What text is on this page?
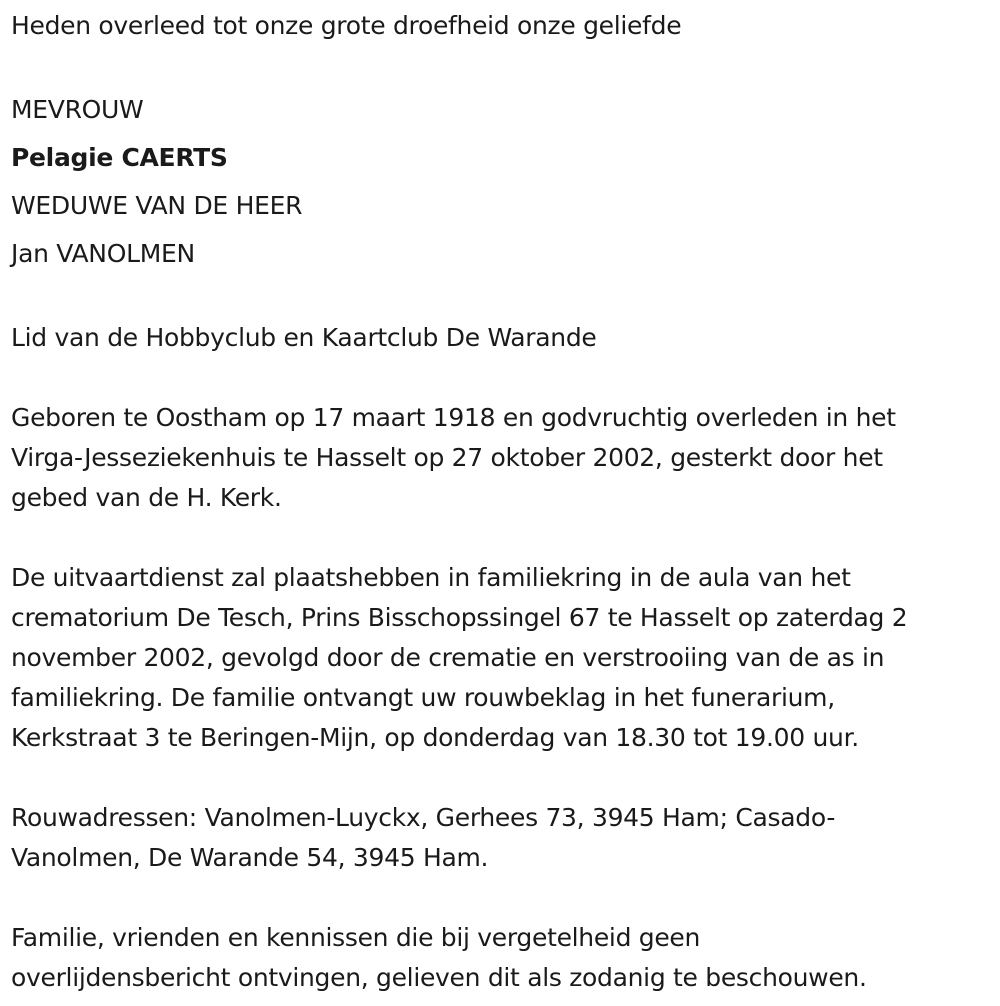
Heden overleed tot onze grote droefheid onze geliefde

MEVROUW

Pelagie CAERTS

WEDUWE VAN DE HEER

Jan VANOLMEN

Lid van de Hobbyclub en Kaartclub De Warande

Geboren te Oostham op 17 maart 1918 en godvruchtig overleden in het

Virga-Jesseziekenhuis te Hasselt op 27 oktober 2002, gesterkt door het

gebed van de H. Kerk.

De uitvaartdienst zal plaatshebben in familiekring in de aula van het

crematorium De Tesch, Prins Bisschopssingel 67 te Hasselt op zaterdag 2

november 2002, gevolgd door de crematie en verstrooiing van de as in

familiekring. De familie ontvangt uw rouwbeklag in het funerarium,

Kerkstraat 3 te Beringen-Mijn, op donderdag van 18.30 tot 19.00 uur.

Rouwadressen: Vanolmen-Luyckx, Gerhees 73, 3945 Ham; Casado-

Vanolmen, De Warande 54, 3945 Ham.

Familie, vrienden en kennissen die bij vergetelheid geen

overlijdensbericht ontvingen, gelieven dit als zodanig te beschouwen.
